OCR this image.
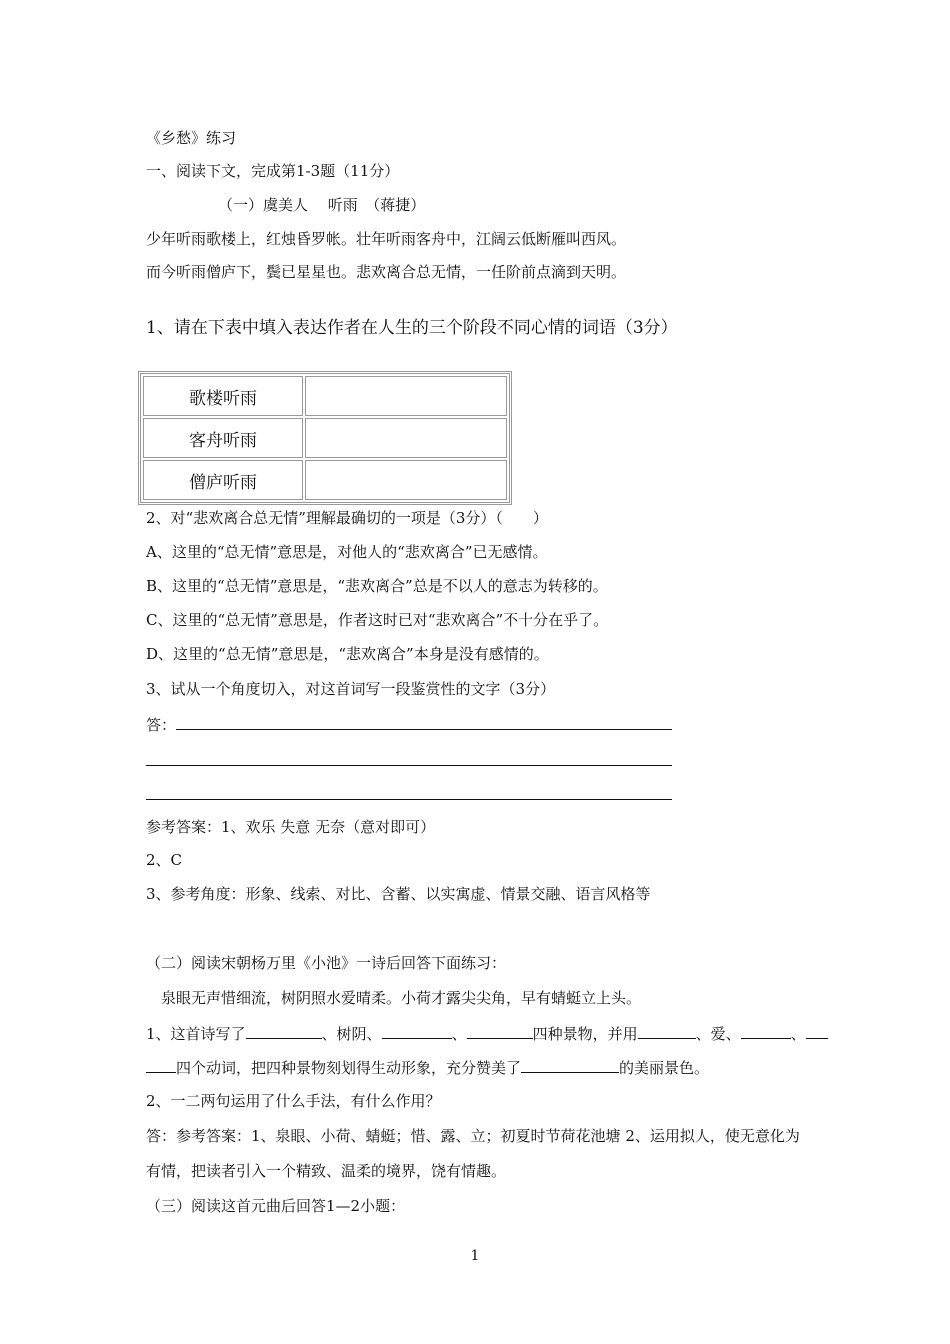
《乡愁》练习
一、阅读下文，完成第1-3题（11分）
（一）虞美人　 听雨　（蒋捷）
少年听雨歌楼上，红烛昏罗帐。壮年听雨客舟中，江阔云低断雁叫西风。
而今听雨僧庐下，鬓已星星也。悲欢离合总无情，一任阶前点滴到天明。
1、请在下表中填入表达作者在人生的三个阶段不同心情的词语（3分）
歌楼听雨	
客舟听雨	
僧庐听雨	
2、对“悲欢离合总无情”理解最确切的一项是（3分）（　　）
A、这里的“总无情”意思是，对他人的“悲欢离合”已无感情。
B、这里的“总无情”意思是，“悲欢离合”总是不以人的意志为转移的。
C、这里的“总无情”意思是，作者这时已对“悲欢离合”不十分在乎了。
D、这里的“总无情”意思是，“悲欢离合”本身是没有感情的。
3、试从一个角度切入，对这首词写一段鉴赏性的文字（3分）
答：
参考答案：1、欢乐 失意 无奈（意对即可）
2、C
3、参考角度：形象、线索、对比、含蓄、以实寓虚、情景交融、语言风格等
（二）阅读宋朝杨万里《小池》一诗后回答下面练习：
泉眼无声惜细流，树阴照水爱晴柔。小荷才露尖尖角，早有蜻蜓立上头。
1、这首诗写了	、树阴、	、	四种景物，并用	、爱、	、
四个动词，把四种景物刻划得生动形象，充分赞美了	的美丽景色。
2、一二两句运用了什么手法，有什么作用？
答：参考答案：1、泉眼、小荷、蜻蜓；惜、露、立；初夏时节荷花池塘 2、运用拟人，使无意化为
有情，把读者引入一个精致、温柔的境界，饶有情趣。
（三）阅读这首元曲后回答1—2小题：
1
